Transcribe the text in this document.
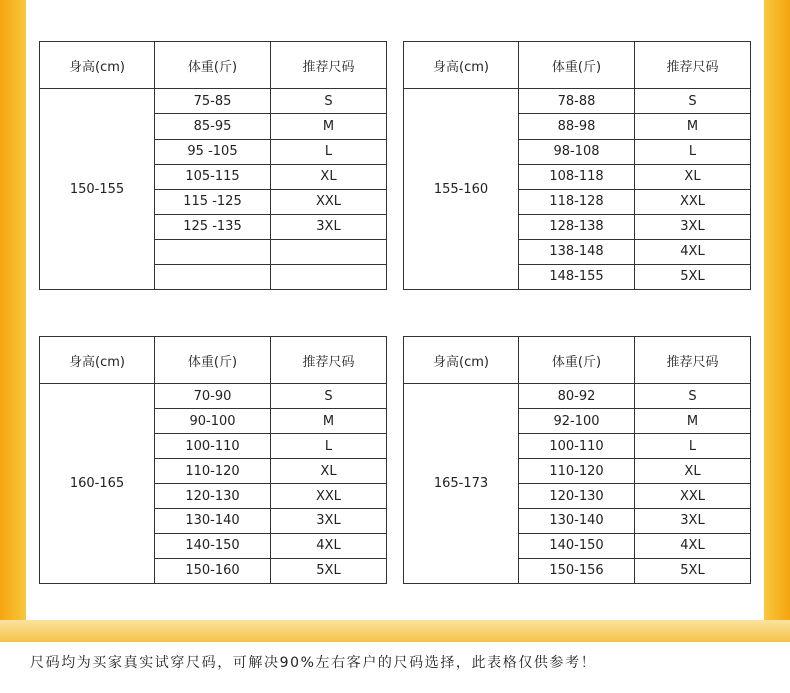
身高(cm)	体重(斤)	推荐尺码
150-155	75-85	S
	85-95	M
	95 -105	L
	105-115	XL
	115 -125	XXL
	125 -135	3XL

身高(cm)	体重(斤)	推荐尺码
155-160	78-88	S
	88-98	M
	98-108	L
	108-118	XL
	118-128	XXL
	128-138	3XL
	138-148	4XL
	148-155	5XL
身高(cm)	体重(斤)	推荐尺码
160-165	70-90	S
	90-100	M
	100-110	L
	110-120	XL
	120-130	XXL
	130-140	3XL
	140-150	4XL
	150-160	5XL
身高(cm)	体重(斤)	推荐尺码
165-173	80-92	S
	92-100	M
	100-110	L
	110-120	XL
	120-130	XXL
	130-140	3XL
	140-150	4XL
	150-156	5XL
尺码均为买家真实试穿尺码，可解决90%左右客户的尺码选择，此表格仅供参考！
